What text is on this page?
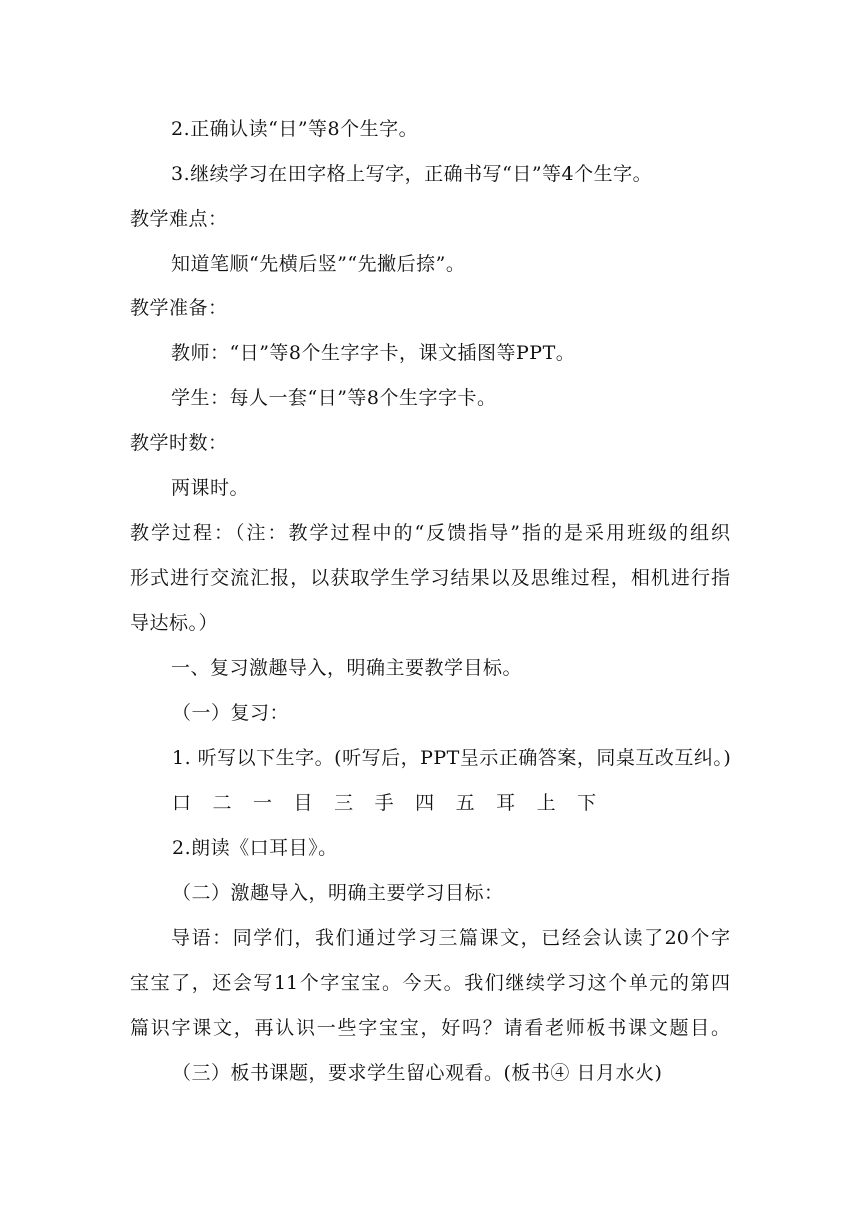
2.正确认读“日”等8个生字。
3.继续学习在田字格上写字，正确书写“日”等4个生字。
教学难点：
知道笔顺“先横后竖”“先撇后捺”。
教学准备：
教师：“日”等8个生字字卡，课文插图等PPT。
学生：每人一套“日”等8个生字字卡。
教学时数：
两课时。
教学过程：（注：教学过程中的“反馈指导”指的是采用班级的组织
形式进行交流汇报，以获取学生学习结果以及思维过程，相机进行指
导达标。）
一、复习激趣导入，明确主要教学目标。
（一）复习：
1. 听写以下生字。(听写后，PPT呈示正确答案，同桌互改互纠。)
口 二 一 目 三 手 四 五 耳 上 下
2.朗读《口耳目》。
（二）激趣导入，明确主要学习目标：
导语：同学们，我们通过学习三篇课文，已经会认读了20个字
宝宝了，还会写11个字宝宝。今天。我们继续学习这个单元的第四
篇识字课文，再认识一些字宝宝，好吗？请看老师板书课文题目。
（三）板书课题，要求学生留心观看。(板书④ 日月水火)
